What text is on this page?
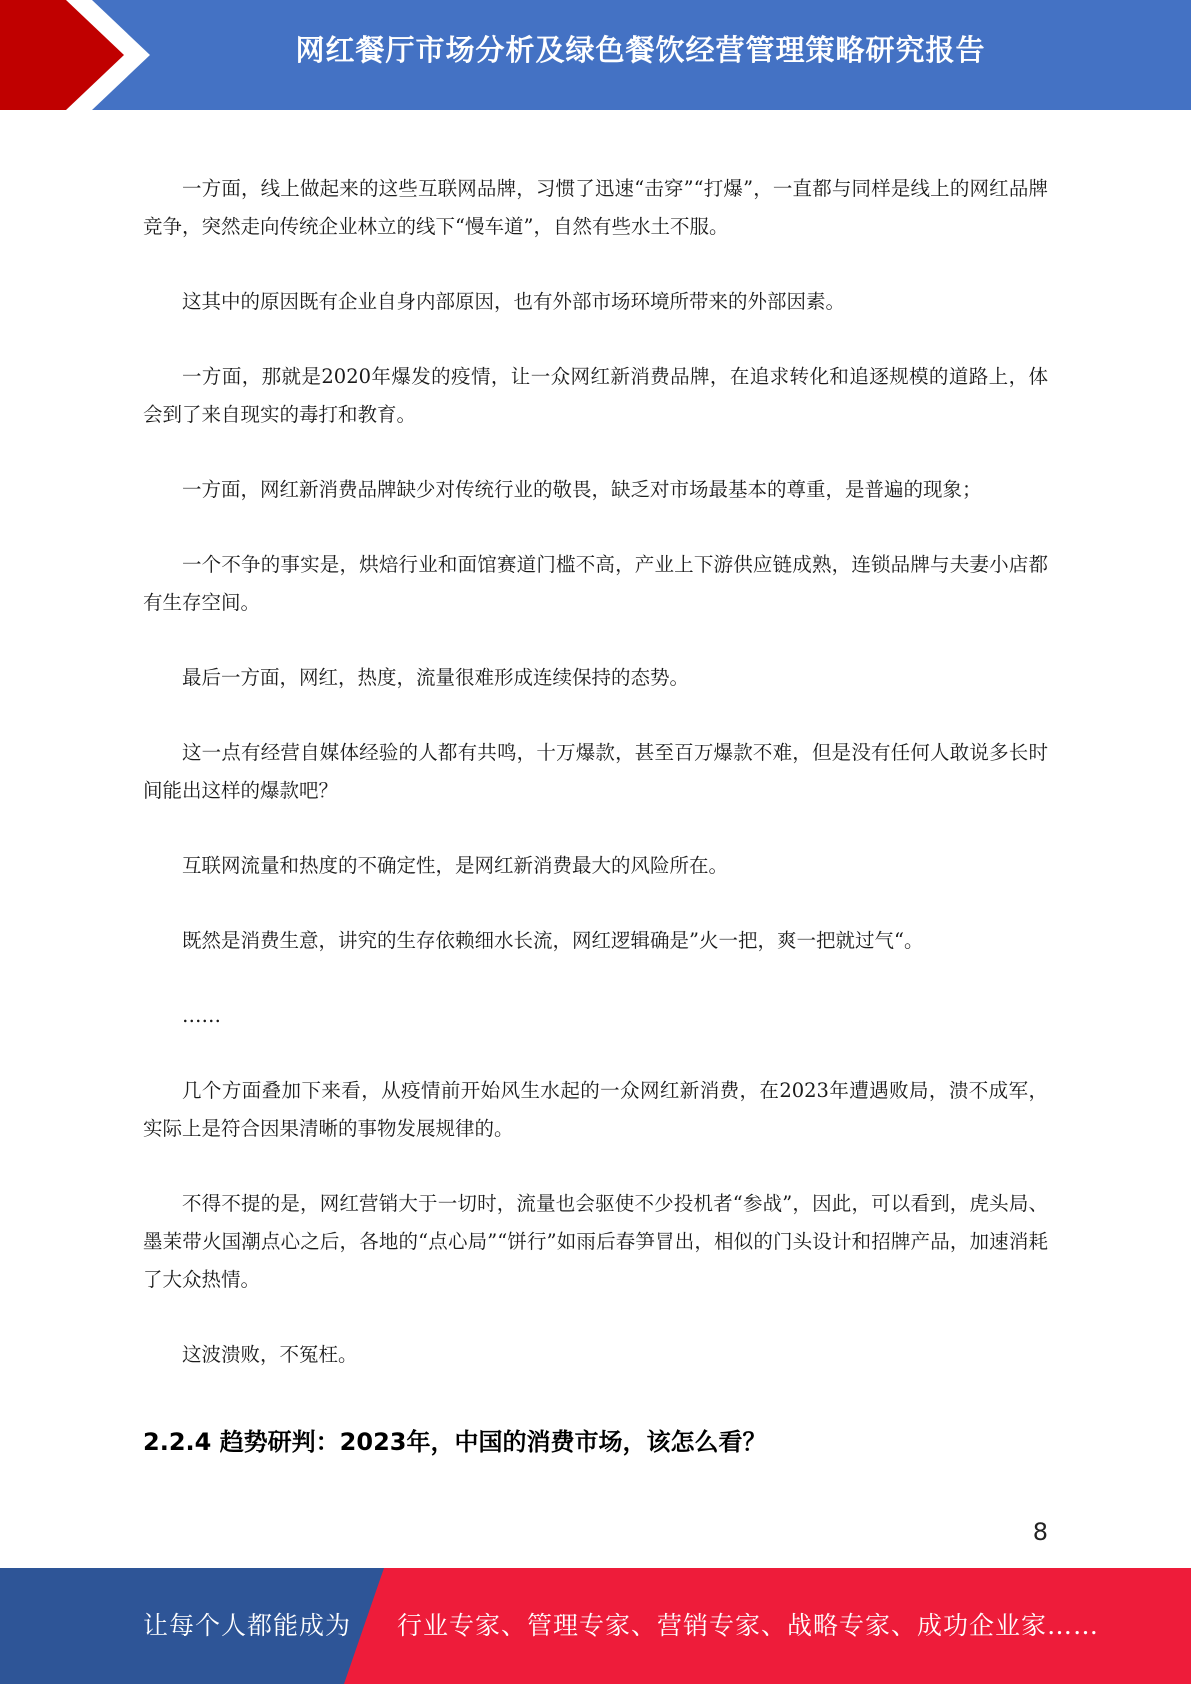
网红餐厅市场分析及绿色餐饮经营管理策略研究报告

一方面，线上做起来的这些互联网品牌，习惯了迅速“击穿”“打爆”，一直都与同样是线上的网红品牌竞争，突然走向传统企业林立的线下“慢车道”，自然有些水土不服。

这其中的原因既有企业自身内部原因，也有外部市场环境所带来的外部因素。

一方面，那就是2020年爆发的疫情，让一众网红新消费品牌，在追求转化和追逐规模的道路上，体会到了来自现实的毒打和教育。

一方面，网红新消费品牌缺少对传统行业的敬畏，缺乏对市场最基本的尊重，是普遍的现象；

一个不争的事实是，烘焙行业和面馆赛道门槛不高，产业上下游供应链成熟，连锁品牌与夫妻小店都有生存空间。

最后一方面，网红，热度，流量很难形成连续保持的态势。

这一点有经营自媒体经验的人都有共鸣，十万爆款，甚至百万爆款不难，但是没有任何人敢说多长时间能出这样的爆款吧？

互联网流量和热度的不确定性，是网红新消费最大的风险所在。

既然是消费生意，讲究的生存依赖细水长流，网红逻辑确是”火一把，爽一把就过气“。

……

几个方面叠加下来看，从疫情前开始风生水起的一众网红新消费，在2023年遭遇败局，溃不成军，实际上是符合因果清晰的事物发展规律的。

不得不提的是，网红营销大于一切时，流量也会驱使不少投机者“参战”，因此，可以看到，虎头局、墨茉带火国潮点心之后，各地的“点心局”“饼行”如雨后春笋冒出，相似的门头设计和招牌产品，加速消耗了大众热情。

这波溃败，不冤枉。

2.2.4 趋势研判：2023年，中国的消费市场，该怎么看？
8
让每个人都能成为 行业专家、管理专家、营销专家、战略专家、成功企业家……
